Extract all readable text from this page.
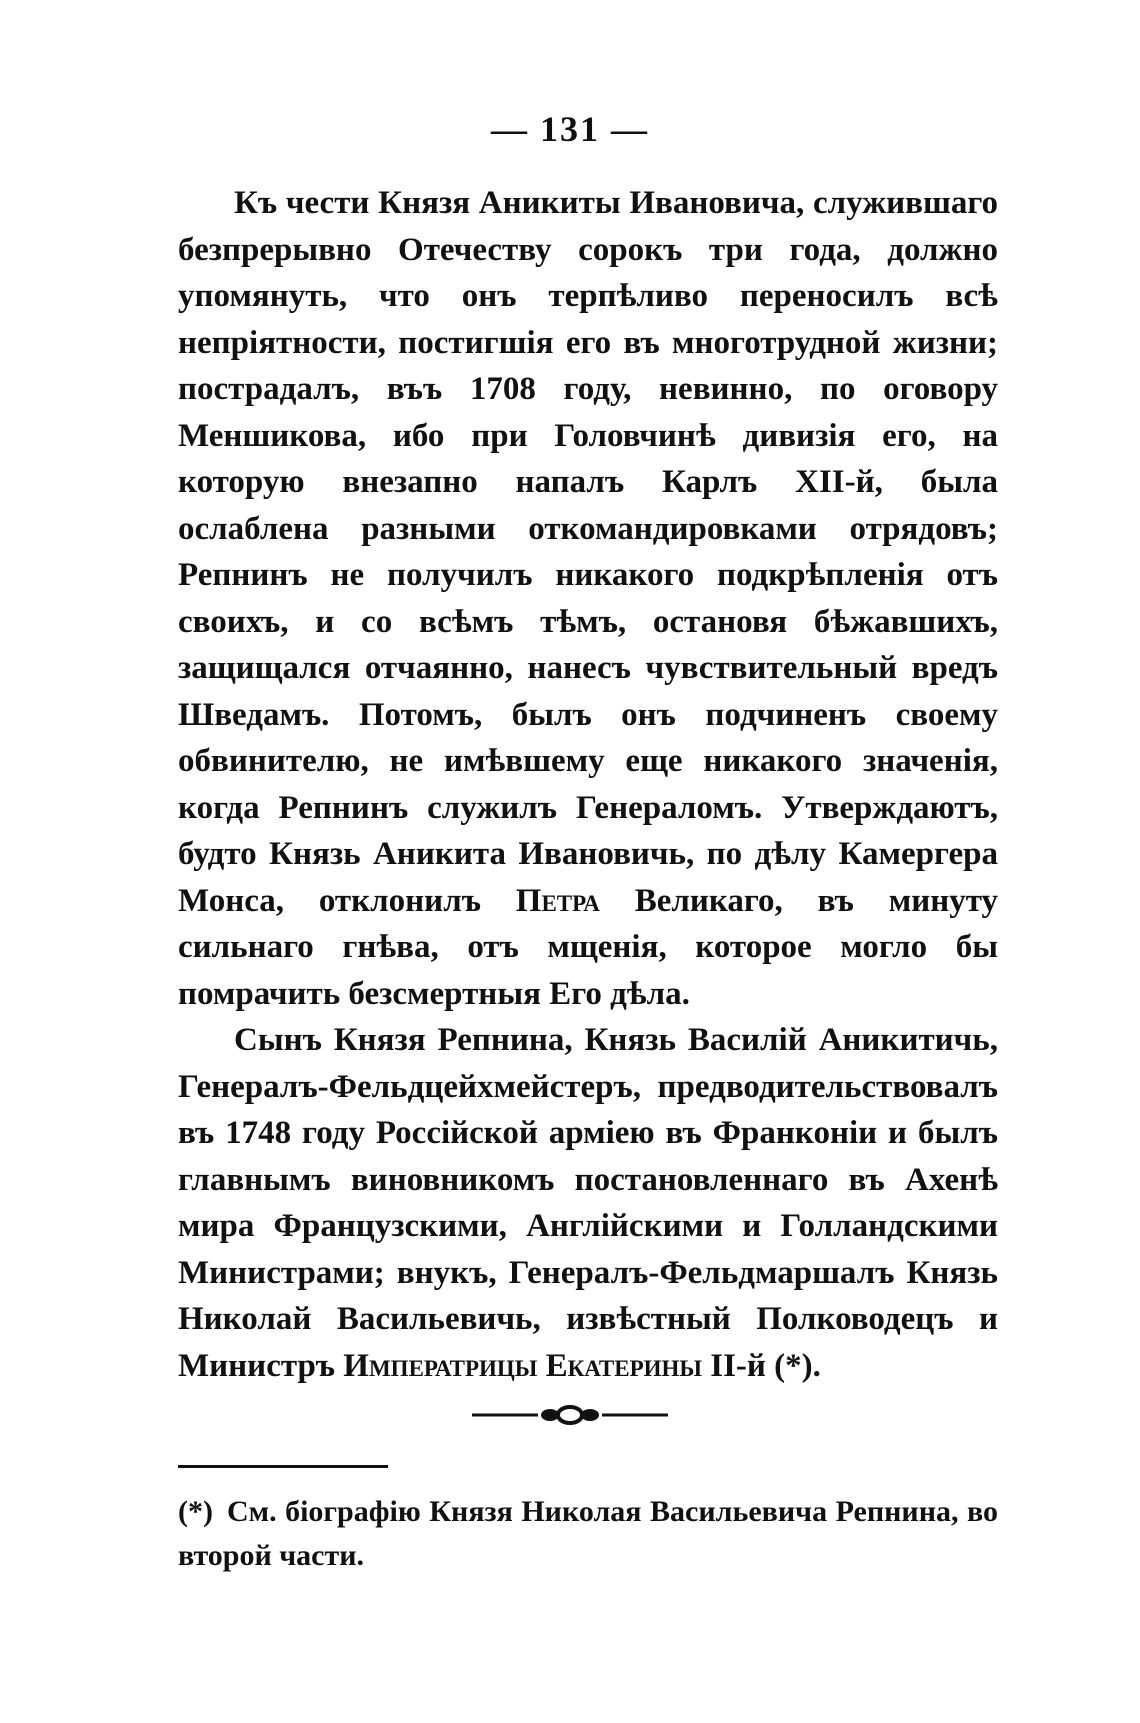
— 131 —

Къ чести Князя Аникиты Ивановича, служившаго безпрерывно Отечеству сорокъ три года, должно упомянуть, что онъ терпѣливо переносилъ всѣ непріятности, постигшія его въ многотрудной жизни; пострадалъ, въъ 1708 году, невинно, по оговору Меншикова, ибо при Головчинѣ дивизія его, на которую внезапно напалъ Карлъ XII-й, была ослаблена разными откомандировками отрядовъ; Репнинъ не получилъ никакого подкрѣпленія отъ своихъ, и со всѣмъ тѣмъ, остановя бѣжавшихъ, защищался отчаянно, нанесъ чувствительный вредъ Шведамъ. Потомъ, былъ онъ подчиненъ своему обвинителю, не имѣвшему еще никакого значенія, когда Репнинъ служилъ Генераломъ. Утверждаютъ, будто Князь Аникита Ивановичь, по дѣлу Камергера Монса, отклонилъ Петра Великаго, въ минуту сильнаго гнѣва, отъ мщенія, которое могло бы помрачить безсмертныя Его дѣла.

Сынъ Князя Репнина, Князь Василій Аникитичь, Генералъ-Фельдцейхмейстеръ, предводительствовалъ въ 1748 году Россійской арміею въ Франконіи и былъ главнымъ виновникомъ постановленнаго въ Ахенѣ мира Французскими, Англійскими и Голландскими Министрами; внукъ, Генералъ-Фельдмаршалъ Князь Николай Васильевичь, извѣстный Полководецъ и Министръ Императрицы Екатерины II-й (*).

(*) См. біографію Князя Николая Васильевича Репнина, во второй части.
